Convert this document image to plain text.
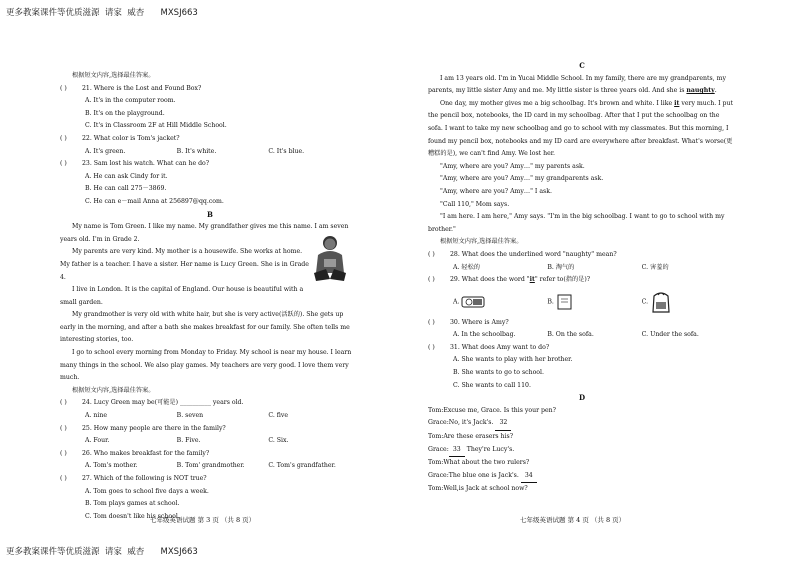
更多教案课件等优质滋源  请家  威杏      MXSJ663

根据短文内容,选择最佳答案。

( )	21. Where is the Lost and Found Box?

A. It's in the computer room.

B. It's on the playground.

C. It's in Classroom 2F at Hill Middle School.

( )	22. What color is Tom's jacket?
A. It's green.	B. It's white.	C. It's blue.
( )	23. Sam lost his watch. What can he do?

A. He can ask Cindy for it.

B. He can call 275－3869.

C. He can e－mail Anna at 256897@qq.com.

B

My name is Tom Green. I like my name. My grandfather gives me this name. I am seven years old. I'm in Grade 2.

My parents are very kind. My mother is a housewife. She works at home. My father is a teacher. I have a sister. Her name is Lucy Green. She is in Grade 4.

I live in London. It is the capital of England. Our house is beautiful with a small garden.

My grandmother is very old with white hair, but she is very active(活跃的). She gets up early in the morning, and after a bath she makes breakfast for our family. She often tells me interesting stories, too.

I go to school every morning from Monday to Friday. My school is near my house. I learn many things in the school. We also play games. My teachers are very good. I love them very much.

根据短文内容,选择最佳答案。

( )	24. Lucy Green may be(可能是) __________ years old.
A. nine	B. seven	C. five
( )	25. How many people are there in the family?
A. Four.	B. Five.	C. Six.
( )	26. Who makes breakfast for the family?
A. Tom's mother.	B. Tom' grandmother.	C. Tom's grandfather.
( )	27. Which of the following is NOT true?

A. Tom goes to school five days a week.

B. Tom plays games at school.

C. Tom doesn't like his school.

七年级英语试题 第 3 页 （共 8 页）

C

I am 13 years old. I'm in Yucai Middle School. In my family, there are my grandparents, my parents, my little sister Amy and me. My little sister is three years old. And she is naughty.

One day, my mother gives me a big schoolbag. It's brown and white. I like it very much. I put the pencil box, notebooks, the ID card in my schoolbag. After that I put the schoolbag on the sofa. I want to take my new schoolbag and go to school with my classmates. But this morning, I found my pencil box, notebooks and my ID card are everywhere after breakfast. What's worse(更糟糕的是), we can't find Amy. We lost her.

"Amy, where are you? Amy…" my parents ask.

"Amy, where are you? Amy…" my grandparents ask.

"Amy, where are you? Amy…" I ask.

"Call 110," Mom says.

"I am here. I am here," Amy says. "I'm in the big schoolbag. I want to go to school with my brother."

根据短文内容,选择最佳答案。

( )	28. What does the underlined word "naughty" mean?
A. 轻松的	B. 淘气的	C. 害羞的
( )	29. What does the word "it" refer to(指的是)?
A.	B.	C.
( )	30. Where is Amy?
A. In the schoolbag.	B. On the sofa.	C. Under the sofa.
( )	31. What does Amy want to do?

A. She wants to play with her brother.

B. She wants to go to school.

C. She wants to call 110.

D

Tom:Excuse me, Grace. Is this your pen?

Grace:No, it's Jack's. 32

Tom:Are these erasers his?

Grace: 33 They're Lucy's.

Tom:What about the two rulers?

Grace:The blue one is Jack's. 34

Tom:Well,is Jack at school now?

七年级英语试题 第 4 页 （共 8 页）
更多教案课件等优质滋源  请家  威杏      MXSJ663
